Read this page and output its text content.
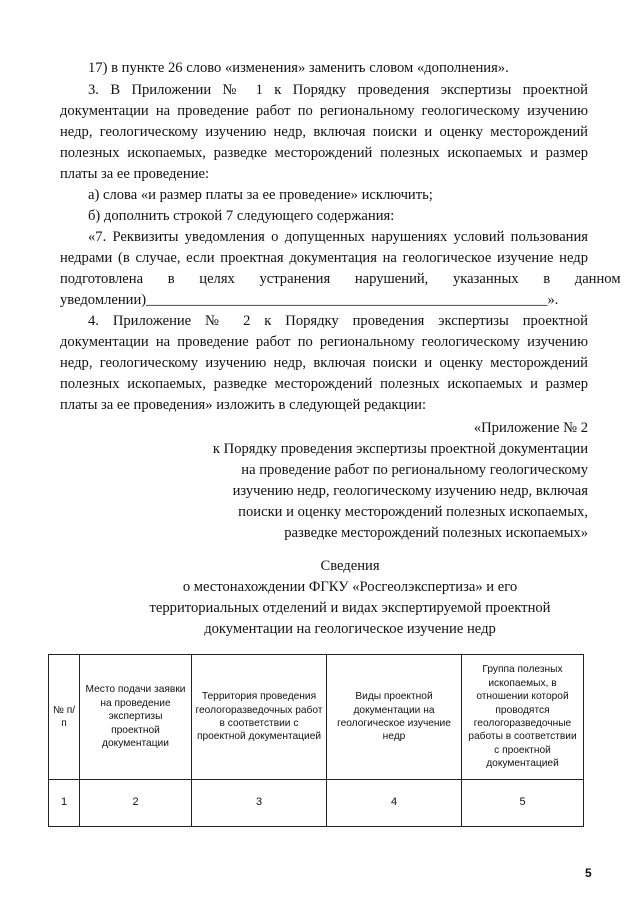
17) в пункте 26 слово «изменения» заменить словом «дополнения».
3. В Приложении № 1 к Порядку проведения экспертизы проектной
документации на проведение работ по региональному геологическому изучению
недр, геологическому изучению недр, включая поиски и оценку месторождений
полезных ископаемых, разведке месторождений полезных ископаемых и размер
платы за ее проведение:
а) слова «и размер платы за ее проведение» исключить;
б) дополнить строкой 7 следующего содержания:
«7. Реквизиты уведомления о допущенных нарушениях условий пользования
недрами (в случае, если проектная документация на геологическое изучение недр
подготовлена в целях устранения нарушений, указанных в данном
уведомлении)_______________________________________________________».
4. Приложение № 2 к Порядку проведения экспертизы проектной
документации на проведение работ по региональному геологическому изучению
недр, геологическому изучению недр, включая поиски и оценку месторождений
полезных ископаемых, разведке месторождений полезных ископаемых и размер
платы за ее проведения» изложить в следующей редакции:
«Приложение № 2
к Порядку проведения экспертизы проектной документации
на проведение работ по региональному геологическому
изучению недр, геологическому изучению недр, включая
поиски и оценку месторождений полезных ископаемых,
разведке месторождений полезных ископаемых»
Сведения
о местонахождении ФГКУ «Росгеолэкспертиза» и его
территориальных отделений и видах экспертируемой проектной
документации на геологическое изучение недр
№ п/п	Место подачи заявки на проведение экспертизы проектной документации	Территория проведения геологоразведочных работ в соответствии с проектной документацией	Виды проектной документации на геологическое изучение недр	Группа полезных ископаемых, в отношении которой проводятся геологоразведочные работы в соответствии с проектной документацией
1	2	3	4	5
5
